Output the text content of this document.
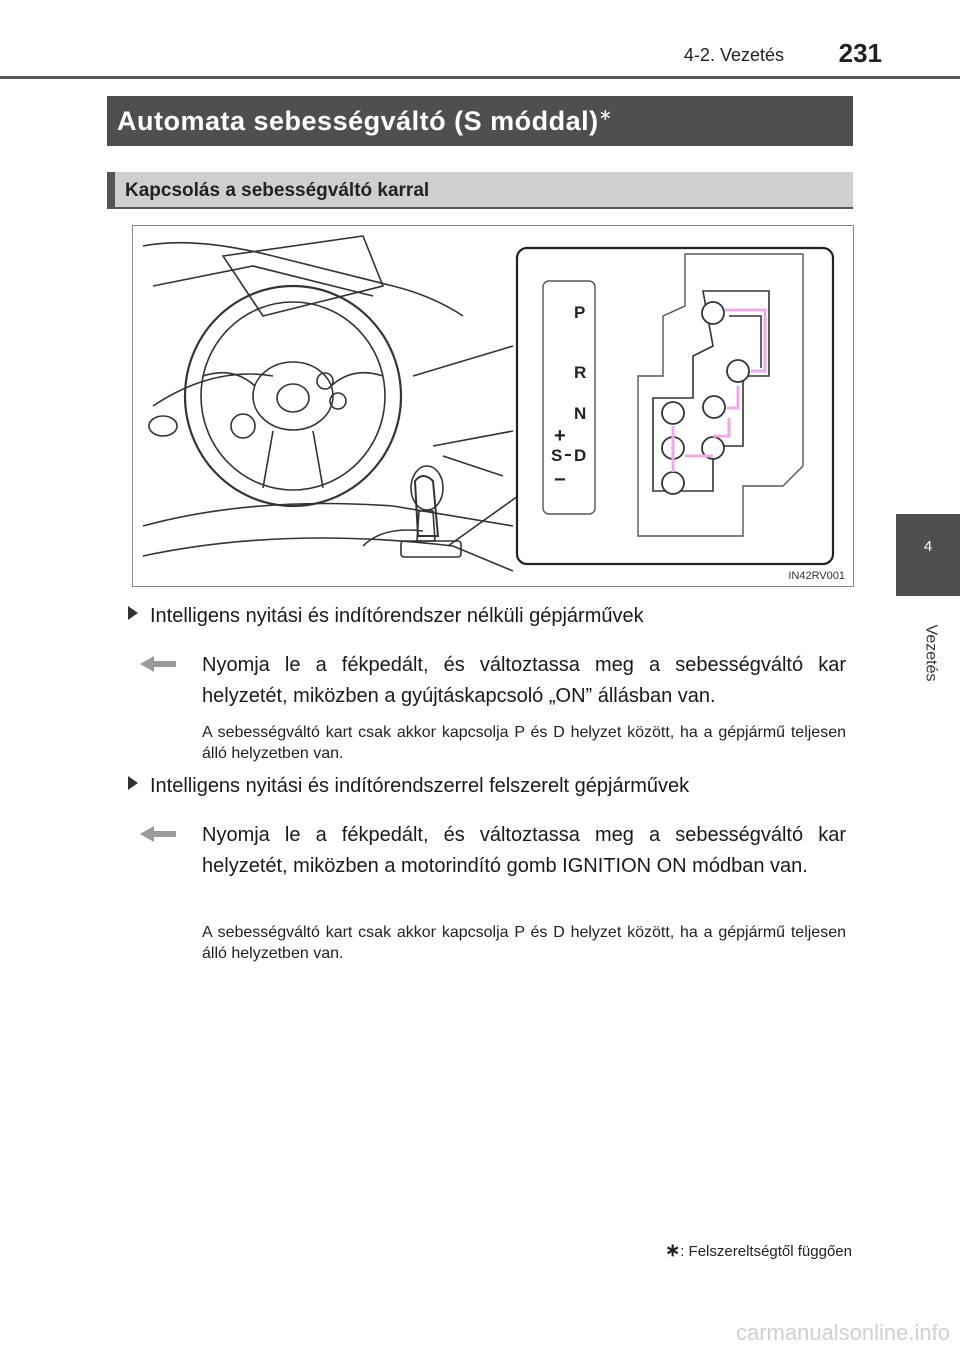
4-2. Vezetés 231
4
Vezetés
Automata sebességváltó (S móddal)∗
Kapcsolás a sebességváltó karral
P
R
N
D
S
+
−
IN42RV001
Intelligens nyitási és indítórendszer nélküli gépjárművek
Nyomja le a fékpedált, és változtassa meg a sebességváltó kar helyzetét, miközben a gyújtáskapcsoló „ON” állásban van.
A sebességváltó kart csak akkor kapcsolja P és D helyzet között, ha a gépjármű teljesen álló helyzetben van.
Intelligens nyitási és indítórendszerrel felszerelt gépjárművek
Nyomja le a fékpedált, és változtassa meg a sebességváltó kar helyzetét, miközben a motorindító gomb IGNITION ON módban van.
A sebességváltó kart csak akkor kapcsolja P és D helyzet között, ha a gépjármű teljesen álló helyzetben van.
∗: Felszereltségtől függően
carmanualsonline.info
